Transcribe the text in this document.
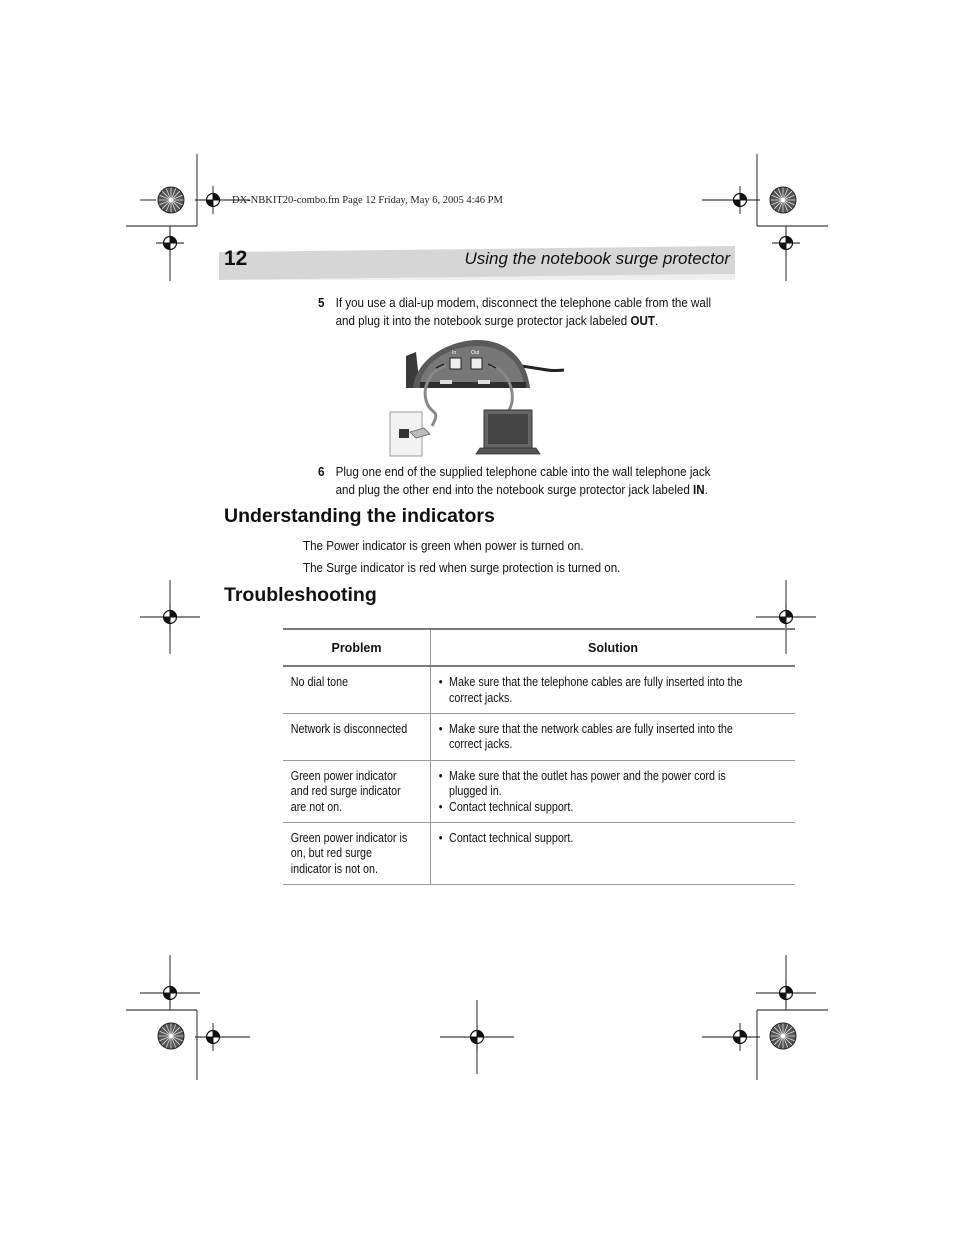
DX-NBKIT20-combo.fm Page 12 Friday, May 6, 2005 4:46 PM
12	Using the notebook surge protector
5 If you use a dial-up modem, disconnect the telephone cable from the wall and plug it into the notebook surge protector jack labeled OUT.
In	Out
6 Plug one end of the supplied telephone cable into the wall telephone jack and plug the other end into the notebook surge protector jack labeled IN.
Understanding the indicators
The Power indicator is green when power is turned on.
The Surge indicator is red when surge protection is turned on.
Troubleshooting
Problem	Solution

No dial tone	• Make sure that the telephone cables are fully inserted into the correct jacks.

Network is disconnected	• Make sure that the network cables are fully inserted into the correct jacks.

Green power indicator and red surge indicator are not on.	• Make sure that the outlet has power and the power cord is plugged in.
• Contact technical support.

Green power indicator is on, but red surge indicator is not on.	• Contact technical support.
